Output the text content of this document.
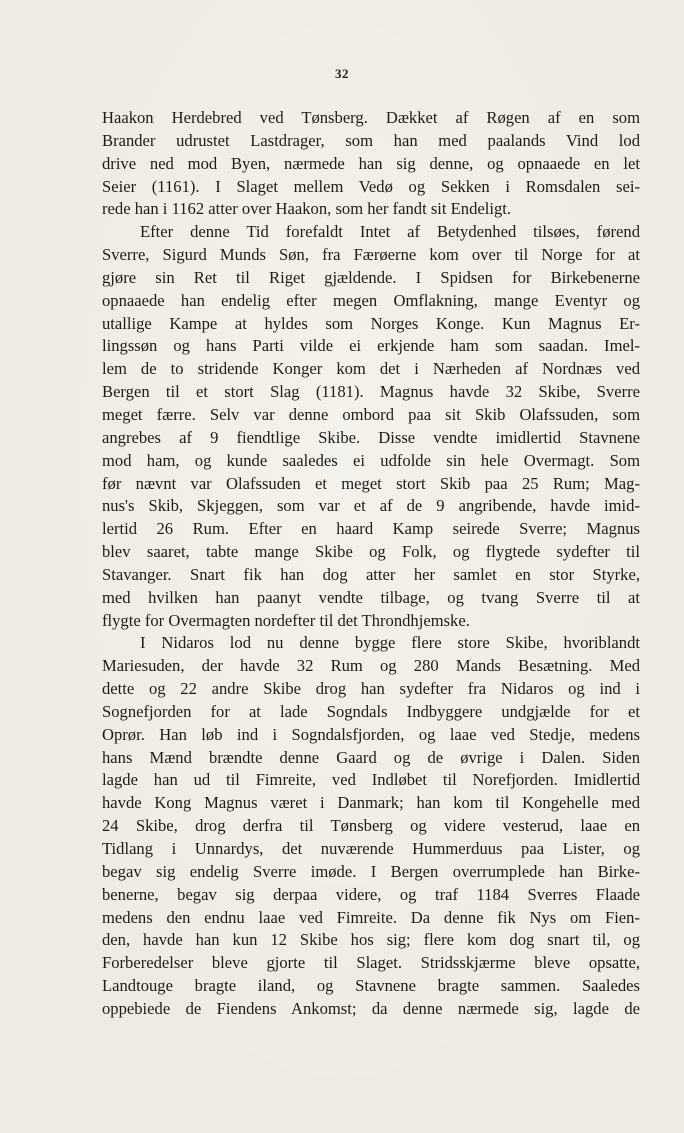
32
Haakon Herdebred ved Tønsberg. Dækket af Røgen af en som
Brander udrustet Lastdrager, som han med paalands Vind lod
drive ned mod Byen, nærmede han sig denne, og opnaaede en let
Seier (1161). I Slaget mellem Vedø og Sekken i Romsdalen sei-
rede han i 1162 atter over Haakon, som her fandt sit Endeligt.
Efter denne Tid forefaldt Intet af Betydenhed tilsøes, førend
Sverre, Sigurd Munds Søn, fra Færøerne kom over til Norge for at
gjøre sin Ret til Riget gjældende. I Spidsen for Birkebenerne
opnaaede han endelig efter megen Omflakning, mange Eventyr og
utallige Kampe at hyldes som Norges Konge. Kun Magnus Er-
lingssøn og hans Parti vilde ei erkjende ham som saadan. Imel-
lem de to stridende Konger kom det i Nærheden af Nordnæs ved
Bergen til et stort Slag (1181). Magnus havde 32 Skibe, Sverre
meget færre. Selv var denne ombord paa sit Skib Olafssuden, som
angrebes af 9 fiendtlige Skibe. Disse vendte imidlertid Stavnene
mod ham, og kunde saaledes ei udfolde sin hele Overmagt. Som
før nævnt var Olafssuden et meget stort Skib paa 25 Rum; Mag-
nus's Skib, Skjeggen, som var et af de 9 angribende, havde imid-
lertid 26 Rum. Efter en haard Kamp seirede Sverre; Magnus
blev saaret, tabte mange Skibe og Folk, og flygtede sydefter til
Stavanger. Snart fik han dog atter her samlet en stor Styrke,
med hvilken han paanyt vendte tilbage, og tvang Sverre til at
flygte for Overmagten nordefter til det Throndhjemske.
I Nidaros lod nu denne bygge flere store Skibe, hvoriblandt
Mariesuden, der havde 32 Rum og 280 Mands Besætning. Med
dette og 22 andre Skibe drog han sydefter fra Nidaros og ind i
Sognefjorden for at lade Sogndals Indbyggere undgjælde for et
Oprør. Han løb ind i Sogndalsfjorden, og laae ved Stedje, medens
hans Mænd brændte denne Gaard og de øvrige i Dalen. Siden
lagde han ud til Fimreite, ved Indløbet til Norefjorden. Imidlertid
havde Kong Magnus været i Danmark; han kom til Kongehelle med
24 Skibe, drog derfra til Tønsberg og videre vesterud, laae en
Tidlang i Unnardys, det nuværende Hummerduus paa Lister, og
begav sig endelig Sverre imøde. I Bergen overrumplede han Birke-
benerne, begav sig derpaa videre, og traf 1184 Sverres Flaade
medens den endnu laae ved Fimreite. Da denne fik Nys om Fien-
den, havde han kun 12 Skibe hos sig; flere kom dog snart til, og
Forberedelser bleve gjorte til Slaget. Stridsskjærme bleve opsatte,
Landtouge bragte iland, og Stavnene bragte sammen. Saaledes
oppebiede de Fiendens Ankomst; da denne nærmede sig, lagde de
